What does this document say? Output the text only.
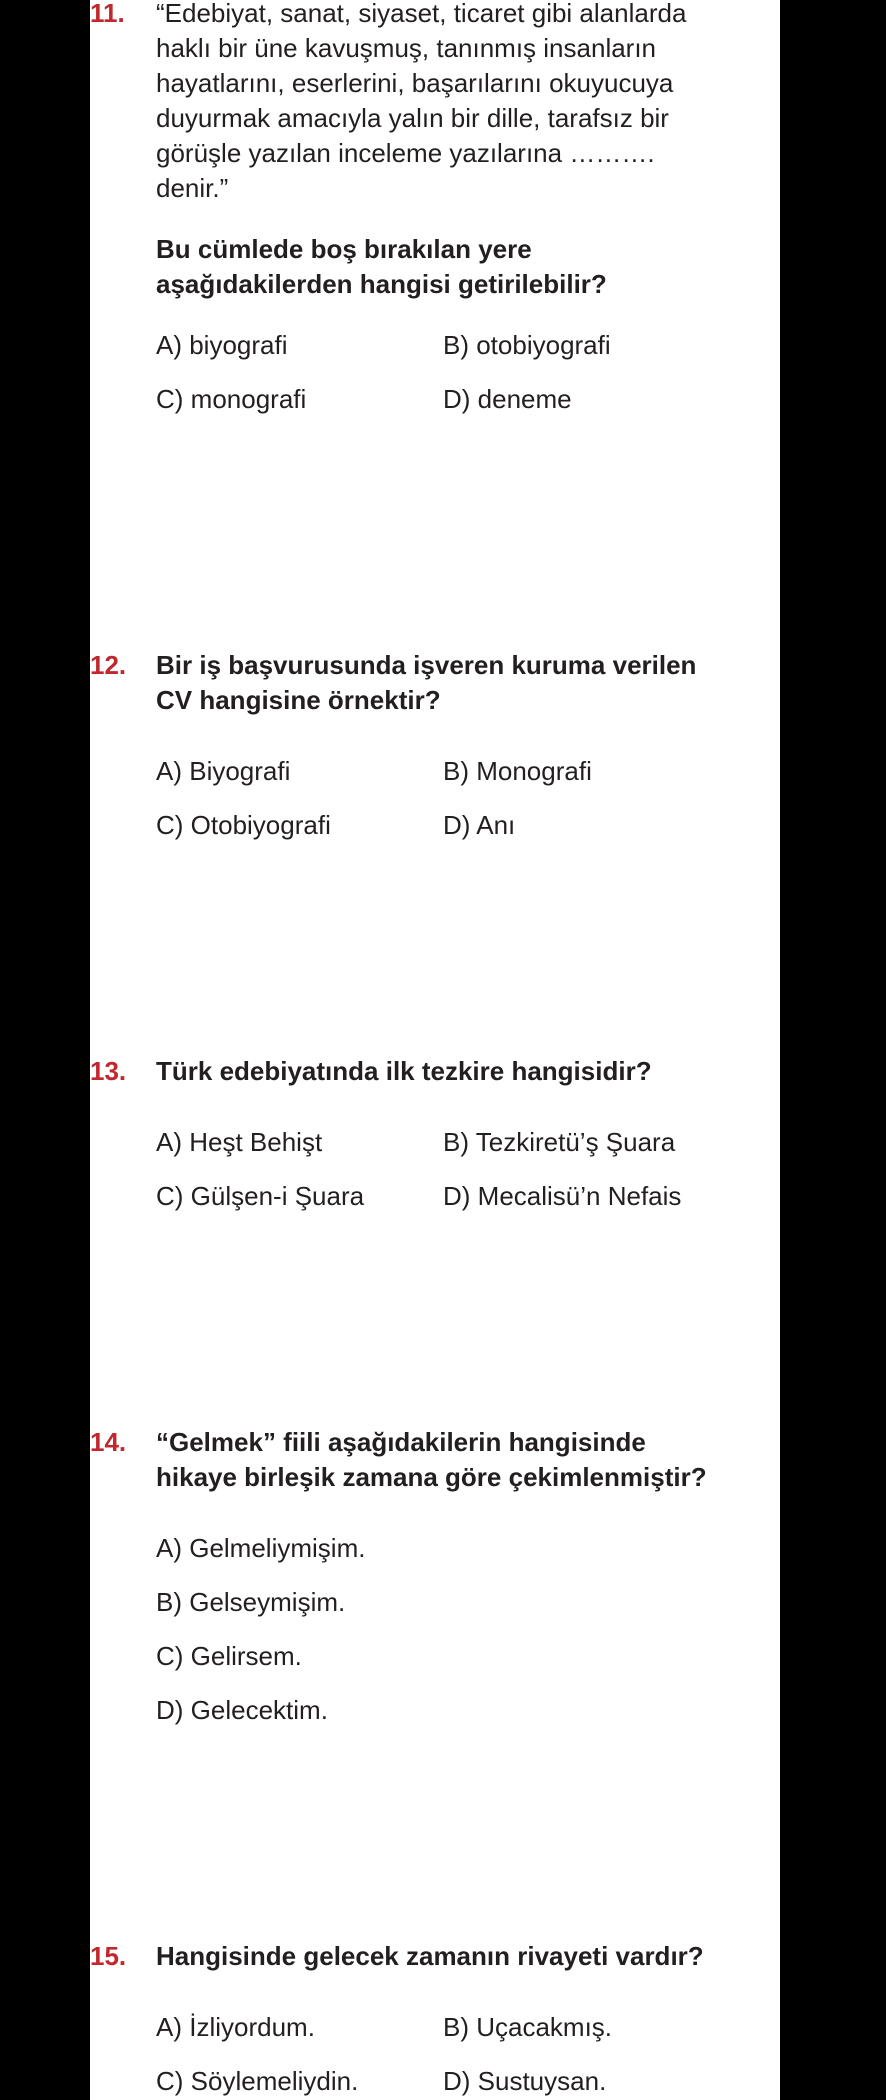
11. “Edebiyat, sanat, siyaset, ticaret gibi alanlarda
haklı bir üne kavuşmuş, tanınmış insanların
hayatlarını, eserlerini, başarılarını okuyucuya
duyurmak amacıyla yalın bir dille, tarafsız bir
görüşle yazılan inceleme yazılarına ……….
denir.”
Bu cümlede boş bırakılan yere
aşağıdakilerden hangisi getirilebilir?
A) biyografi	B) otobiyografi
C) monografi	D) deneme
12. Bir iş başvurusunda işveren kuruma verilen
CV hangisine örnektir?
A) Biyografi	B) Monografi
C) Otobiyografi	D) Anı
13. Türk edebiyatında ilk tezkire hangisidir?
A) Heşt Behişt	B) Tezkiretü’ş Şuara
C) Gülşen-i Şuara	D) Mecalisü’n Nefais
14. “Gelmek” fiili aşağıdakilerin hangisinde
hikaye birleşik zamana göre çekimlenmiştir?
A) Gelmeliymişim.
B) Gelseymişim.
C) Gelirsem.
D) Gelecektim.
15. Hangisinde gelecek zamanın rivayeti vardır?
A) İzliyordum.	B) Uçacakmış.
C) Söylemeliydin.	D) Sustuysan.
